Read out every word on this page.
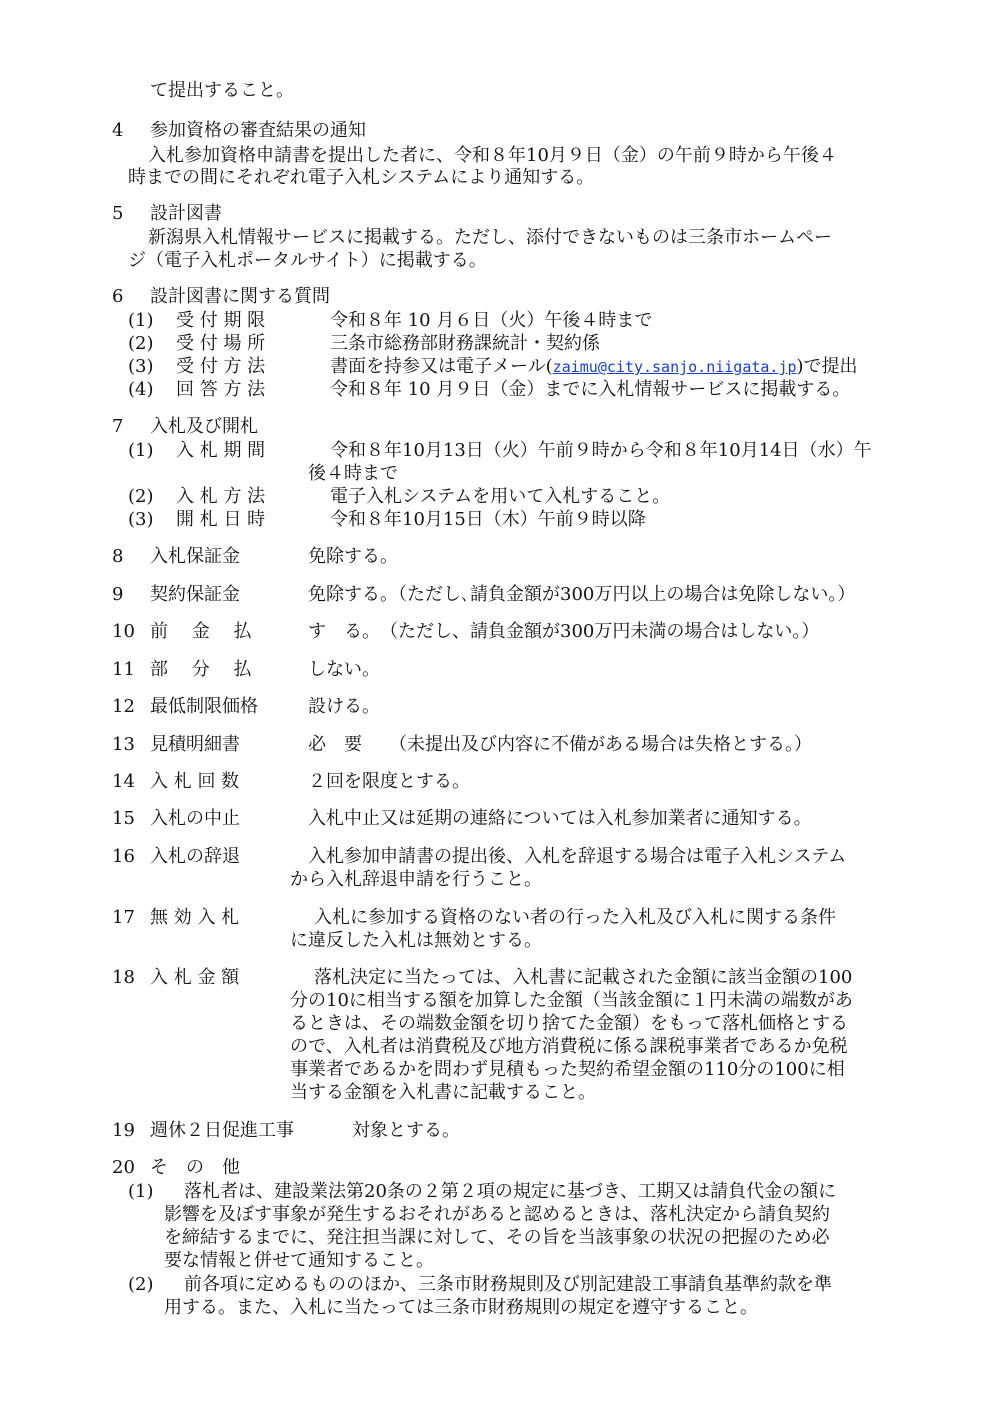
て提出すること。
4 参加資格の審査結果の通知
入札参加資格申請書を提出した者に、令和８年10月９日（金）の午前９時から午後４
時までの間にそれぞれ電子入札システムにより通知する。
5 設計図書
新潟県入札情報サービスに掲載する。ただし、添付できないものは三条市ホームペー
ジ（電子入札ポータルサイト）に掲載する。
6 設計図書に関する質問
(1) 受 付 期 限	令和８年 10 月６日（火）午後４時まで
(2) 受 付 場 所	三条市総務部財務課統計・契約係
(3) 受 付 方 法	書面を持参又は電子メール(zaimu@city.sanjo.niigata.jp)で提出
(4) 回 答 方 法	令和８年 10 月９日（金）までに入札情報サービスに掲載する。
7 入札及び開札
(1) 入 札 期 間	令和８年10月13日（火）午前９時から令和８年10月14日（水）午
後４時まで
(2) 入 札 方 法	電子入札システムを用いて入札すること。
(3) 開 札 日 時	令和８年10月15日（木）午前９時以降
8 入札保証金	免除する。
9 契約保証金	免除する。（ただし､請負金額が300万円以上の場合は免除しない。）
10 前　 金　 払	す　る。　（ただし、請負金額が300万円未満の場合はしない。）
11 部　 分　 払	しない。
12 最低制限価格	設ける。
13 見積明細書	必　要　　（未提出及び内容に不備がある場合は失格とする。）
14 入 札 回 数	２回を限度とする。
15 入札の中止	入札中止又は延期の連絡については入札参加業者に通知する。
16 入札の辞退	入札参加申請書の提出後、入札を辞退する場合は電子入札システム
から入札辞退申請を行うこと。
17 無 効 入 札	入札に参加する資格のない者の行った入札及び入札に関する条件
に違反した入札は無効とする。
18 入 札 金 額	落札決定に当たっては、入札書に記載された金額に該当金額の100
分の10に相当する額を加算した金額（当該金額に１円未満の端数があ
るときは、その端数金額を切り捨てた金額）をもって落札価格とする
ので、入札者は消費税及び地方消費税に係る課税事業者であるか免税
事業者であるかを問わず見積もった契約希望金額の110分の100に相
当する金額を入札書に記載すること。
19 週休２日促進工事	対象とする。
20 そ　の　他
(1) 落札者は、建設業法第20条の２第２項の規定に基づき、工期又は請負代金の額に
影響を及ぼす事象が発生するおそれがあると認めるときは、落札決定から請負契約
を締結するまでに、発注担当課に対して、その旨を当該事象の状況の把握のため必
要な情報と併せて通知すること。
(2) 前各項に定めるもののほか、三条市財務規則及び別記建設工事請負基準約款を準
用する。また、入札に当たっては三条市財務規則の規定を遵守すること。
